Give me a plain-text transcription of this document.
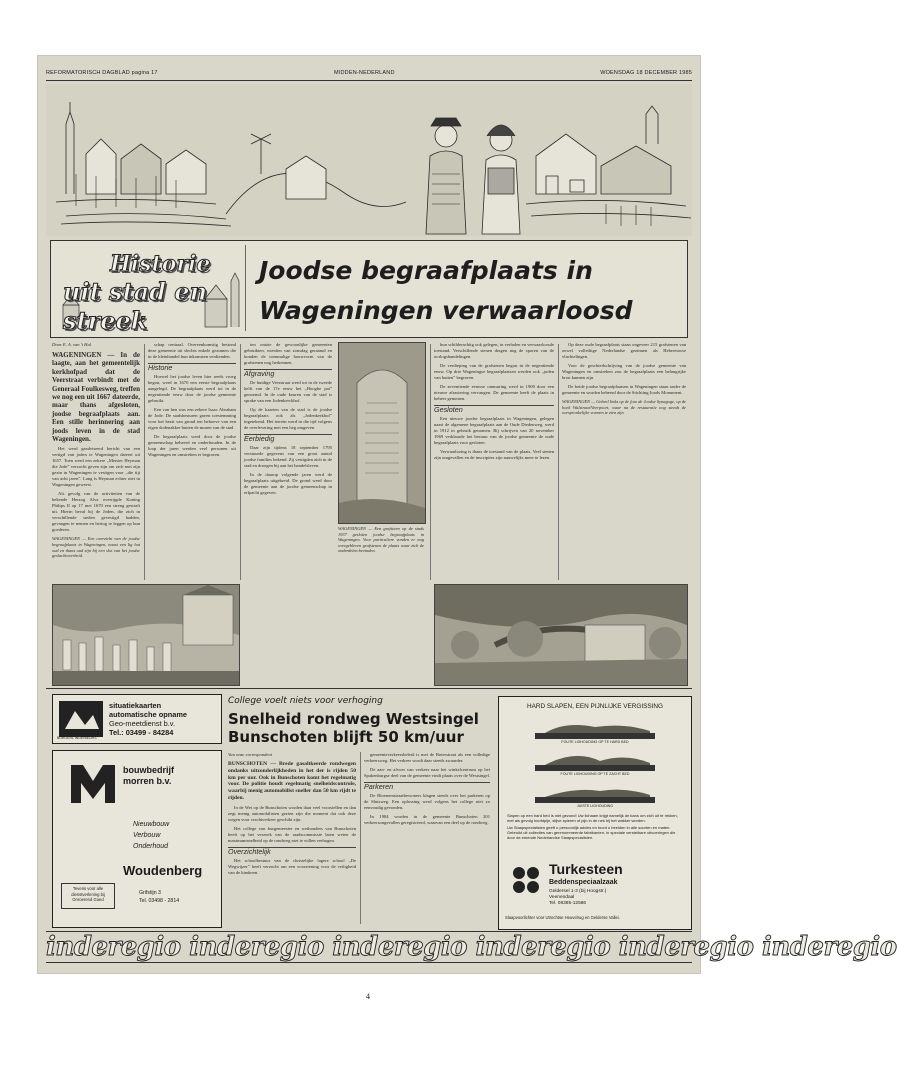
REFORMATORISCH DAGBLAD pagina 17	MIDDEN-NEDERLAND	WOENSDAG 18 DECEMBER 1985
Historie
uit stad en streek
Joodse begraafplaats in
Wageningen verwaarloosd

Door E. A. van 't Hul

WAGENINGEN — In de laagte, aan het gemeentelijk kerkhofpad dat de Veerstraat verbindt met de Generaal Foulkesweg, treffen we nog een uit 1667 dateerde, maar thans afgesloten, joodse begraafplaats aan. Een stille herinnering aan joods leven in de stad Wageningen.

Het werd geadviseerd bericht van een vertigd van joden te Wageningen dateert uit 1657. Toen werd een zekere „Meister Heyman die Jode” verzocht geven zijn om zich met zijn gezin in Wageningen te vestigen voor „die tijt van acht jaren”. Lang is Heyman echter niet in Wageningen geweest.

Als gevolg van de activiteiten van de bekende Herzog Alva overrijgde Koning Philips II op 17 mei 1670 een streng gestraft uit. Hierin beval hij de Joden, die zich in verschillende steden gevestigd hadden, gevangen te nemen en hertog te leggen op hun goederen.

WAGENINGEN — Een overzicht van de joodse begraafplaats in Wageningen, naast een lig hat oud en thans oud zijn bij een slot van het joodse geslachtoverheid.

schap centraal. Overeenkomstig bestond deze gemeente uit slechts enkele gezinnen die in de kleinhandel hun inkomsten verdienden.

Historie

Hoewel het joodse leven hier reeds vroeg begon, werd in 1670 een eerste begraafplaats aangelegd. De begraafplaats werd tot in de negentiende eeuw door de joodse gemeente gebruikt.

Een van hen was een zekere Isaac Abraham de Jode. De stadsbesturen gaven toestemming voor het bezit van grond ten behoeve van een eigen dodenakker buiten de muren van de stad.

De begraafplaats werd door de joodse gemeenschap beheerd en onderhouden. In de loop der jaren werden veel personen uit Wageningen en omstreken er begraven.

ten ontzie de gewoonlijke gemeenten gebruikten, wierden van zonsdag geraamd en konden de toenmalige bouwvorm van de grafstenen nog herkennen.

Afgraving

De huidige Veerstraat werd tot in de tweede helft van de 17e eeuw het „Hooghe pat” genoemd. In de oude keuren van de stad is sprake van een Jodenkerckhof.

Op de kaarten van de stad is de joodse begraafplaats ook als „Jodenkerkhof” ingetekend. Het terrein werd in die tijd volgens de overlevering met een heg omgeven.

Eerbiedig

Daar zijn tijdens 18 september 1795 verstuurde gegevens van een groot aantal joodse families bekend. Zij vestigden zich in de stad en droegen bij aan het handelsleven.

In de daarop volgende jaren werd de begraafplaats uitgebreid. De grond werd door de gemeente aan de joodse gemeenschap in erfpacht gegeven.

WAGENINGEN — Een grafsteen op de sinds 1937 gesloten joodse begraafplaats in Wageningen. Voor particuliere vonden er nog overgebleven grafstenen de plaats waar zich de onderdelen bevinden.

hun schilderachtig ook gelegen, in verhalen en verwaarloosde toestand. Verschillende stenen dragen nog de sporen van de oorlogshandelingen.

De verdieping van de grafstenen begon in de negentiende eeuw. Op drie Wageningse begraafplaatsen werden ook „joden van buiten” begraven.

De zeventiende eeuwse ommuring werd in 1900 door een nieuwe afrastering vervangen. De gemeente heeft de plaats in beheer genomen.

Gesloten

Een nieuwe joodse begraafplaats in Wageningen, gelegen naast de algemene begraafplaats aan de Oude Diedenweg, werd in 1912 in gebruik genomen. Bij schrijven van 20 november 1969 verklaarde het bestuur van de joodse gemeente de oude begraafplaats voor gesloten.

Verwaarlozing is thans de toestand van de plaats. Veel stenen zijn omgevallen en de inscripties zijn nauwelijks meer te lezen.

Op deze oude begraafplaats staan ongeveer 215 grafstenen van zowel vollediige Nederlandse gezinnen als Hebreeuwse vluchtelingen.

Voor de geschiedschrijving van de joodse gemeente van Wageningen en omstreken zou de begraafplaats een belangrijke bron kunnen zijn.

De beide joodse begraafplaatsen in Wageningen staan onder de gemeente en worden beheerd door de Stichting Joods Monument.

WAGENINGEN — Gebeel links op de foto de Joodse Synagoge, op de hoek Walstraat/Veerpoort, waar na de restauratie nog steeds de oorspronkelijke vormen te zien zijn.

situatiekaarten
automatische opname
Geo-meetdienst b.v.
Tel.: 03499 - 84284
BURGERL INGENIEURS
bouwbedrijf
morren b.v.
Nieuwbouw
Verbouw
Onderhoud
Woudenberg
Tevens voor alle dienstverlening bij Onroerend Goed
Grifstijn 3
Tel. 03498 - 2814
College voelt niets voor verhoging
Snelheid rondweg Westsingel
Bunschoten blijft 50 km/uur

Van onze correspondent

BUNSCHOTEN — Brede gasaltkeerde rondwegen ondanks uitzonderlijkheden in het der is rijden 50 km per uur. Ook in Bunschoten komt het regelmatig voor. De politie houdt regelmatig snelheidscontrole, waarbij menig automobilist sneller dan 50 km rijdt te rijden.

In de Wet op de Bunschoten worden daar veel voorstellen en dan zegt menig automobilisten gezien zijn die moment dat ook deze wegen voor vrachtverkeer geschikt zijn.

Het college van burgemeester en wethouders van Bunschoten heeft op het verzoek van de raadscommissie laten weten de maximumsnelheid op de rondweg niet te willen verhogen.

Overzichtelijk

Het schoolbestuur van de christelijke lagere school „De Wegwijzer” heeft verzocht om een voorziening voor de veiligheid van de kinderen.

gemeenteverkeersbeleid is met de Boterstraat als een volledige verkeersweg. Het verkeer wordt daar steeds zwaarder.

De aan- en afvoer van verkeer naar het winkelcentrum op het Spakenburgse deel van de gemeente vindt plaats over de Westsingel.

Parkeren

De Bloemenstraatbewoners klagen steeds over het parkeren op de Sluisweg. Een oplossing werd volgens het college niet zo eenvoudig gevonden.

In 1984 worden in de gemeente Bunschoten 201 verkeersongevallen geregistreerd, waarvan een deel op de rondweg.

HARD SLAPEN, EEN PIJNLIJKE VERGISSING
FOUTE LIGHOUDING OP TE HARD BED
FOUTE LIGHOUDING OP TE ZACHT BED
JUISTE LIGHOUDING
Slapen op een hard bed is niet gezond! Uw lichaam krijgt namelijk de kans om zich uit te rekken, met als gevolg hoofdpijn, stijve spieren of pijn in de nek bij het wakker worden.
Uw Slaapspecialisten geeft u persoonlijk advies en toont u beelden in alle soorten en maten. Gebruikt uit collecties van gerenommeerde fabrikanten, in speciale verstelbare uitvoeringen die door de erkende Nederlandse Slaapspecialisten.
Turkesteen
Beddenspeciaalzaak
Geldersel 1-3 (bij Hoogstr.)
Veenendaal
Tel. 08385-12586
Slaapvoorlichter voor Utrechtse Heuvelrug en Gelderse Vallei.
inderegio inderegio inderegio inderegio inderegio inderegio
4
